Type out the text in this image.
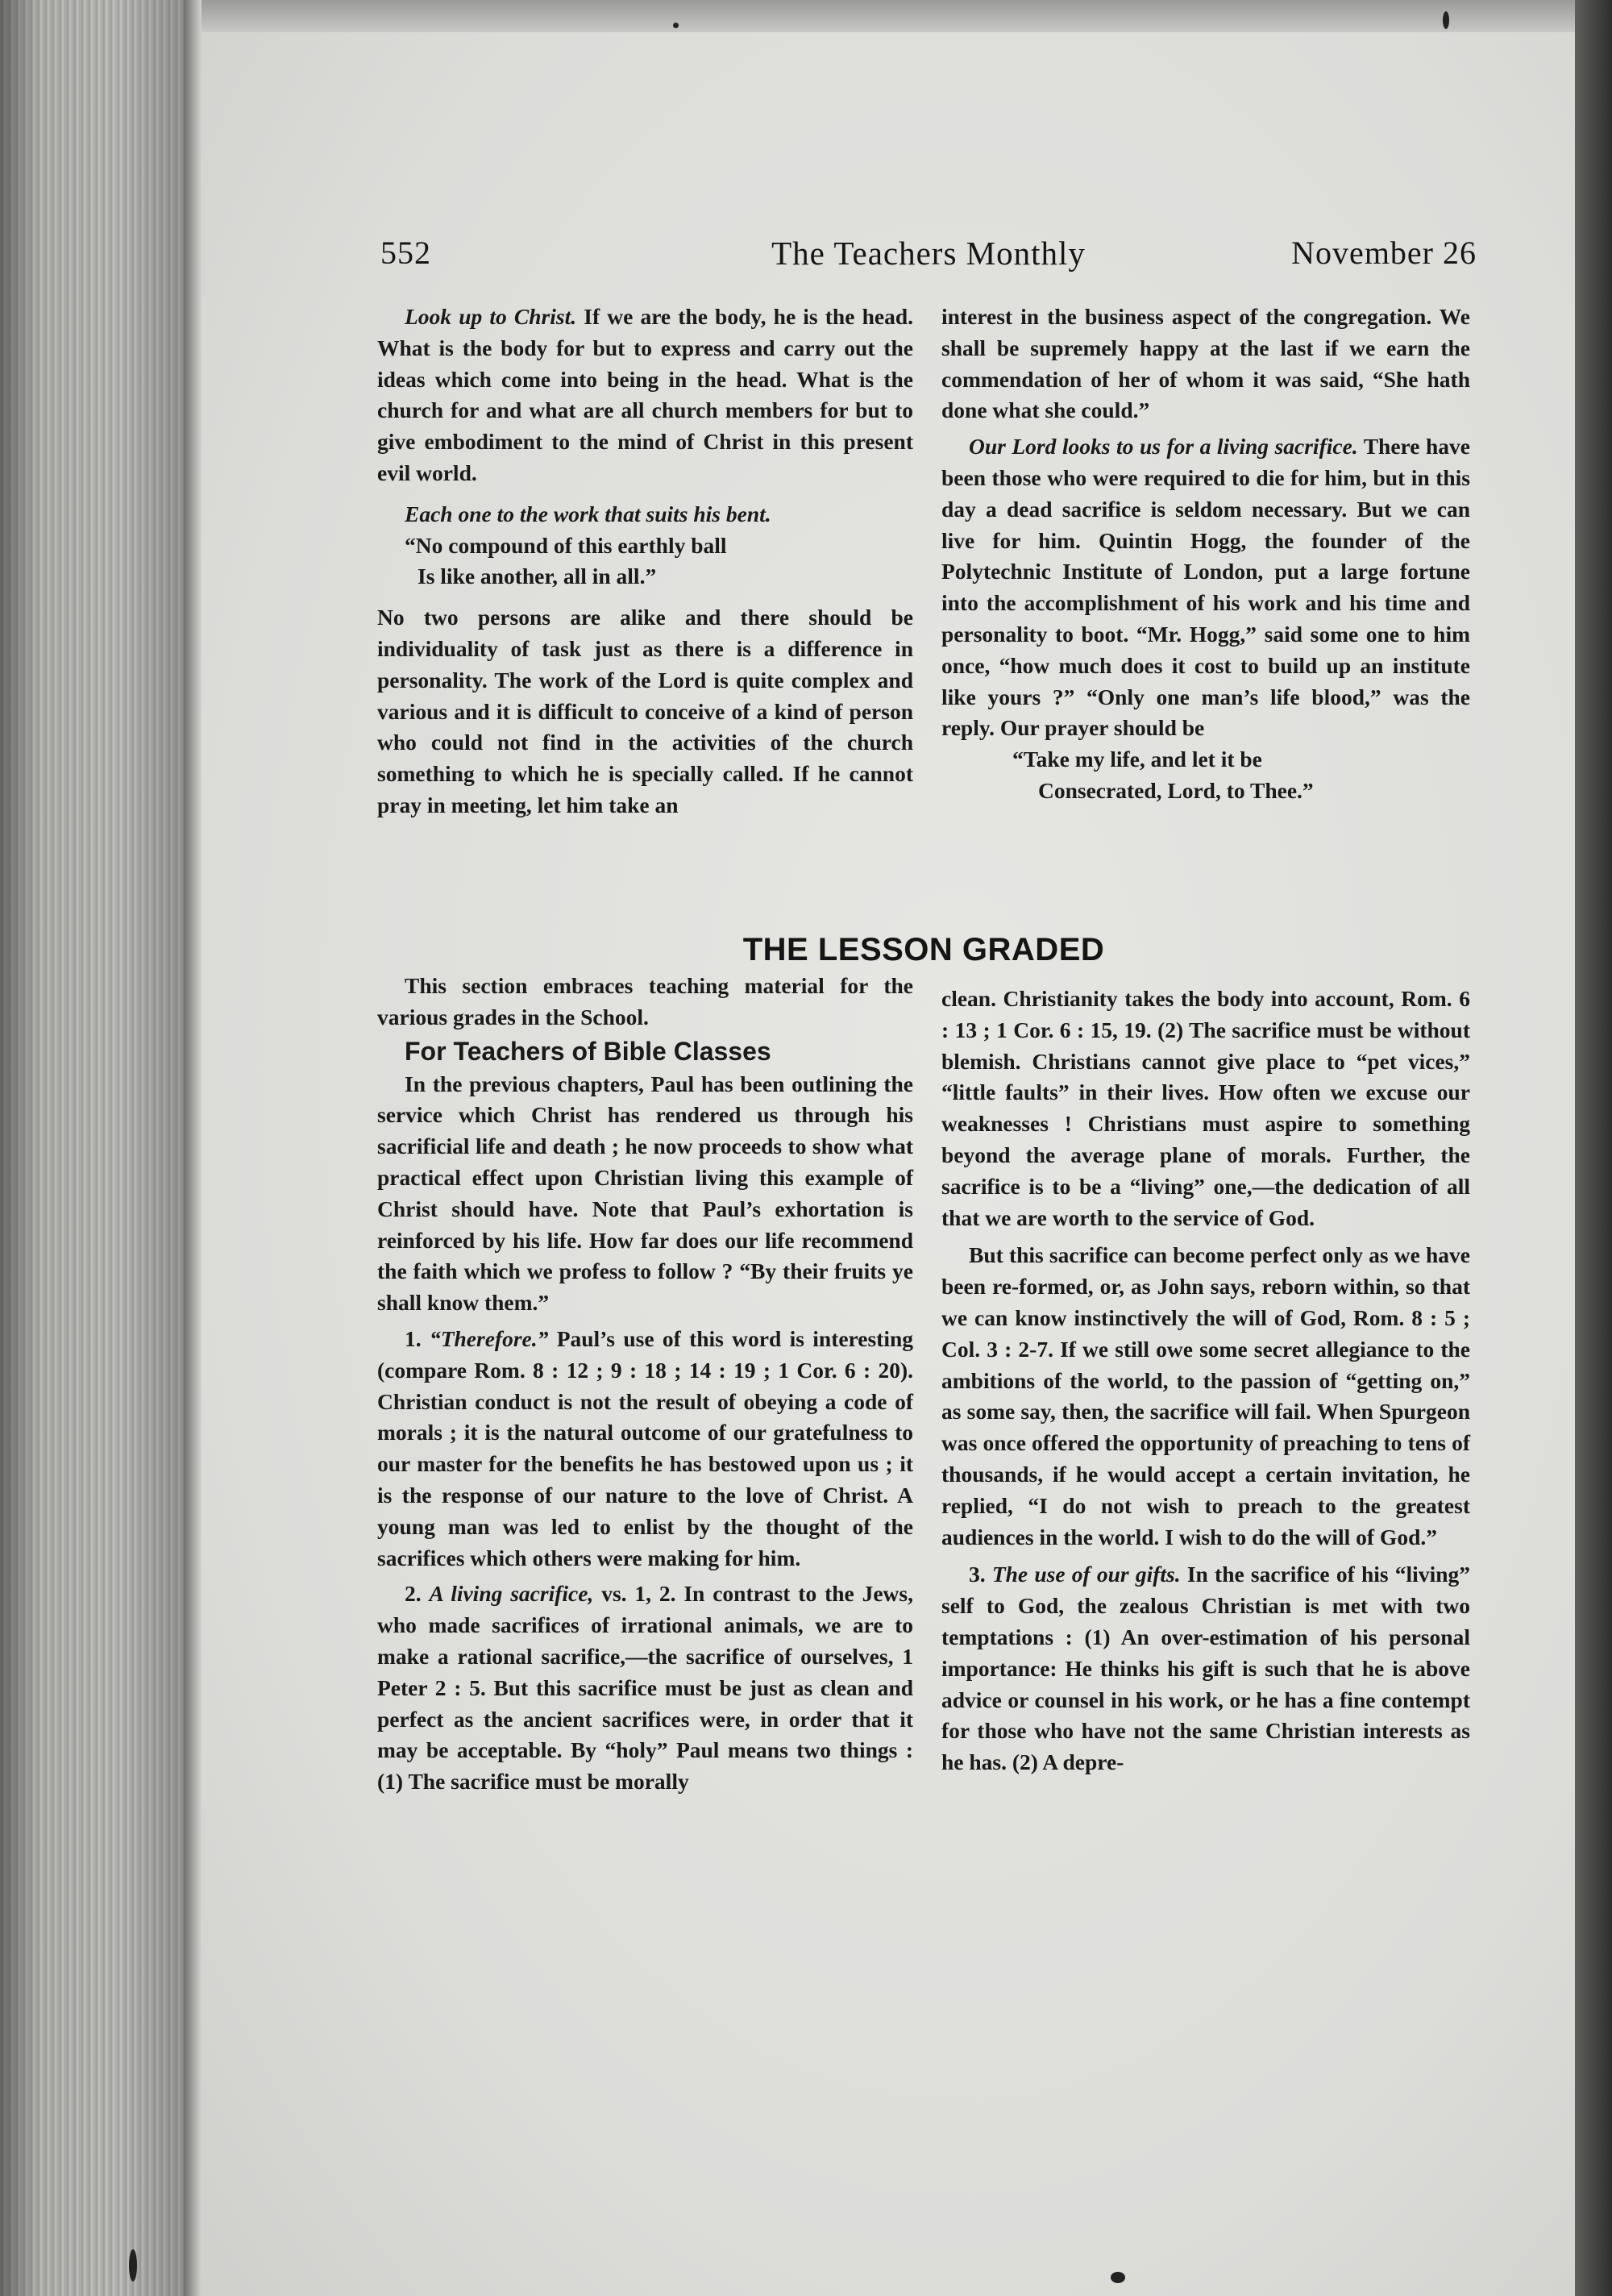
552	The Teachers Monthly	November 26

Look up to Christ. If we are the body, he is the head. What is the body for but to express and carry out the ideas which come into being in the head. What is the church for and what are all church members for but to give embodiment to the mind of Christ in this present evil world.

Each one to the work that suits his bent.

“No compound of this earthly ball

Is like another, all in all.”

No two persons are alike and there should be individuality of task just as there is a difference in personality. The work of the Lord is quite complex and various and it is difficult to conceive of a kind of person who could not find in the activities of the church something to which he is specially called. If he cannot pray in meeting, let him take an

interest in the business aspect of the congregation. We shall be supremely happy at the last if we earn the commendation of her of whom it was said, “She hath done what she could.”

Our Lord looks to us for a living sacrifice. There have been those who were required to die for him, but in this day a dead sacrifice is seldom necessary. But we can live for him. Quintin Hogg, the founder of the Polytechnic Institute of London, put a large fortune into the accomplishment of his work and his time and personality to boot. “Mr. Hogg,” said some one to him once, “how much does it cost to build up an institute like yours ?” “Only one man’s life blood,” was the reply. Our prayer should be

“Take my life, and let it be

Consecrated, Lord, to Thee.”

THE LESSON GRADED

This section embraces teaching material for the various grades in the School.

For Teachers of Bible Classes

In the previous chapters, Paul has been outlining the service which Christ has rendered us through his sacrificial life and death ; he now proceeds to show what practical effect upon Christian living this example of Christ should have. Note that Paul’s exhortation is reinforced by his life. How far does our life recommend the faith which we profess to follow ? “By their fruits ye shall know them.”

1. “Therefore.” Paul’s use of this word is interesting (compare Rom. 8 : 12 ; 9 : 18 ; 14 : 19 ; 1 Cor. 6 : 20). Christian conduct is not the result of obeying a code of morals ; it is the natural outcome of our gratefulness to our master for the benefits he has bestowed upon us ; it is the response of our nature to the love of Christ. A young man was led to enlist by the thought of the sacrifices which others were making for him.

2. A living sacrifice, vs. 1, 2. In contrast to the Jews, who made sacrifices of irrational animals, we are to make a rational sacrifice,—the sacrifice of ourselves, 1 Peter 2 : 5. But this sacrifice must be just as clean and perfect as the ancient sacrifices were, in order that it may be acceptable. By “holy” Paul means two things : (1) The sacrifice must be morally

clean. Christianity takes the body into account, Rom. 6 : 13 ; 1 Cor. 6 : 15, 19. (2) The sacrifice must be without blemish. Christians cannot give place to “pet vices,” “little faults” in their lives. How often we excuse our weaknesses ! Christians must aspire to something beyond the average plane of morals. Further, the sacrifice is to be a “living” one,—the dedication of all that we are worth to the service of God.

But this sacrifice can become perfect only as we have been re-formed, or, as John says, reborn within, so that we can know instinctively the will of God, Rom. 8 : 5 ; Col. 3 : 2-7. If we still owe some secret allegiance to the ambitions of the world, to the passion of “getting on,” as some say, then, the sacrifice will fail. When Spurgeon was once offered the opportunity of preaching to tens of thousands, if he would accept a certain invitation, he replied, “I do not wish to preach to the greatest audiences in the world. I wish to do the will of God.”

3. The use of our gifts. In the sacrifice of his “living” self to God, the zealous Christian is met with two temptations : (1) An over-estimation of his personal importance: He thinks his gift is such that he is above advice or counsel in his work, or he has a fine contempt for those who have not the same Christian interests as he has. (2) A depre-
